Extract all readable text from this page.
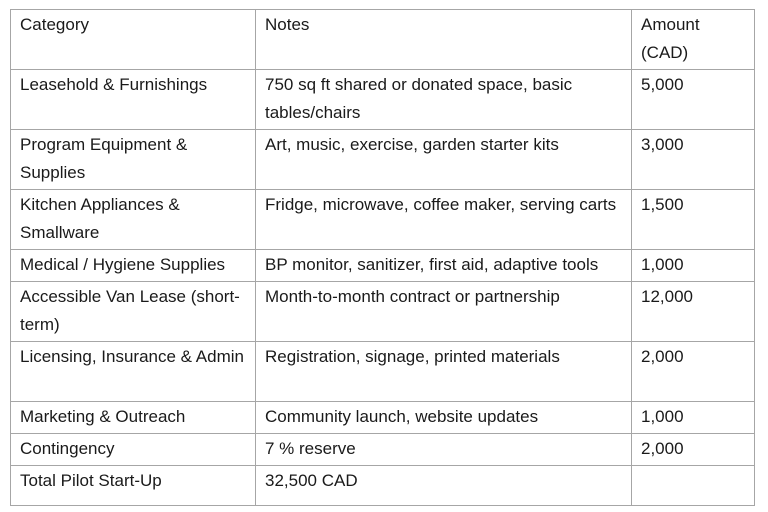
Category	Notes	Amount (CAD)
Leasehold & Furnishings	750 sq ft shared or donated space, basic tables/chairs	5,000
Program Equipment & Supplies	Art, music, exercise, garden starter kits	3,000
Kitchen Appliances & Smallware	Fridge, microwave, coffee maker, serving carts	1,500
Medical / Hygiene Supplies	BP monitor, sanitizer, first aid, adaptive tools	1,000
Accessible Van Lease (short-term)	Month-to-month contract or partnership	12,000
Licensing, Insurance & Admin	Registration, signage, printed materials	2,000
Marketing & Outreach	Community launch, website updates	1,000
Contingency	7 % reserve	2,000
Total Pilot Start-Up	32,500 CAD	
